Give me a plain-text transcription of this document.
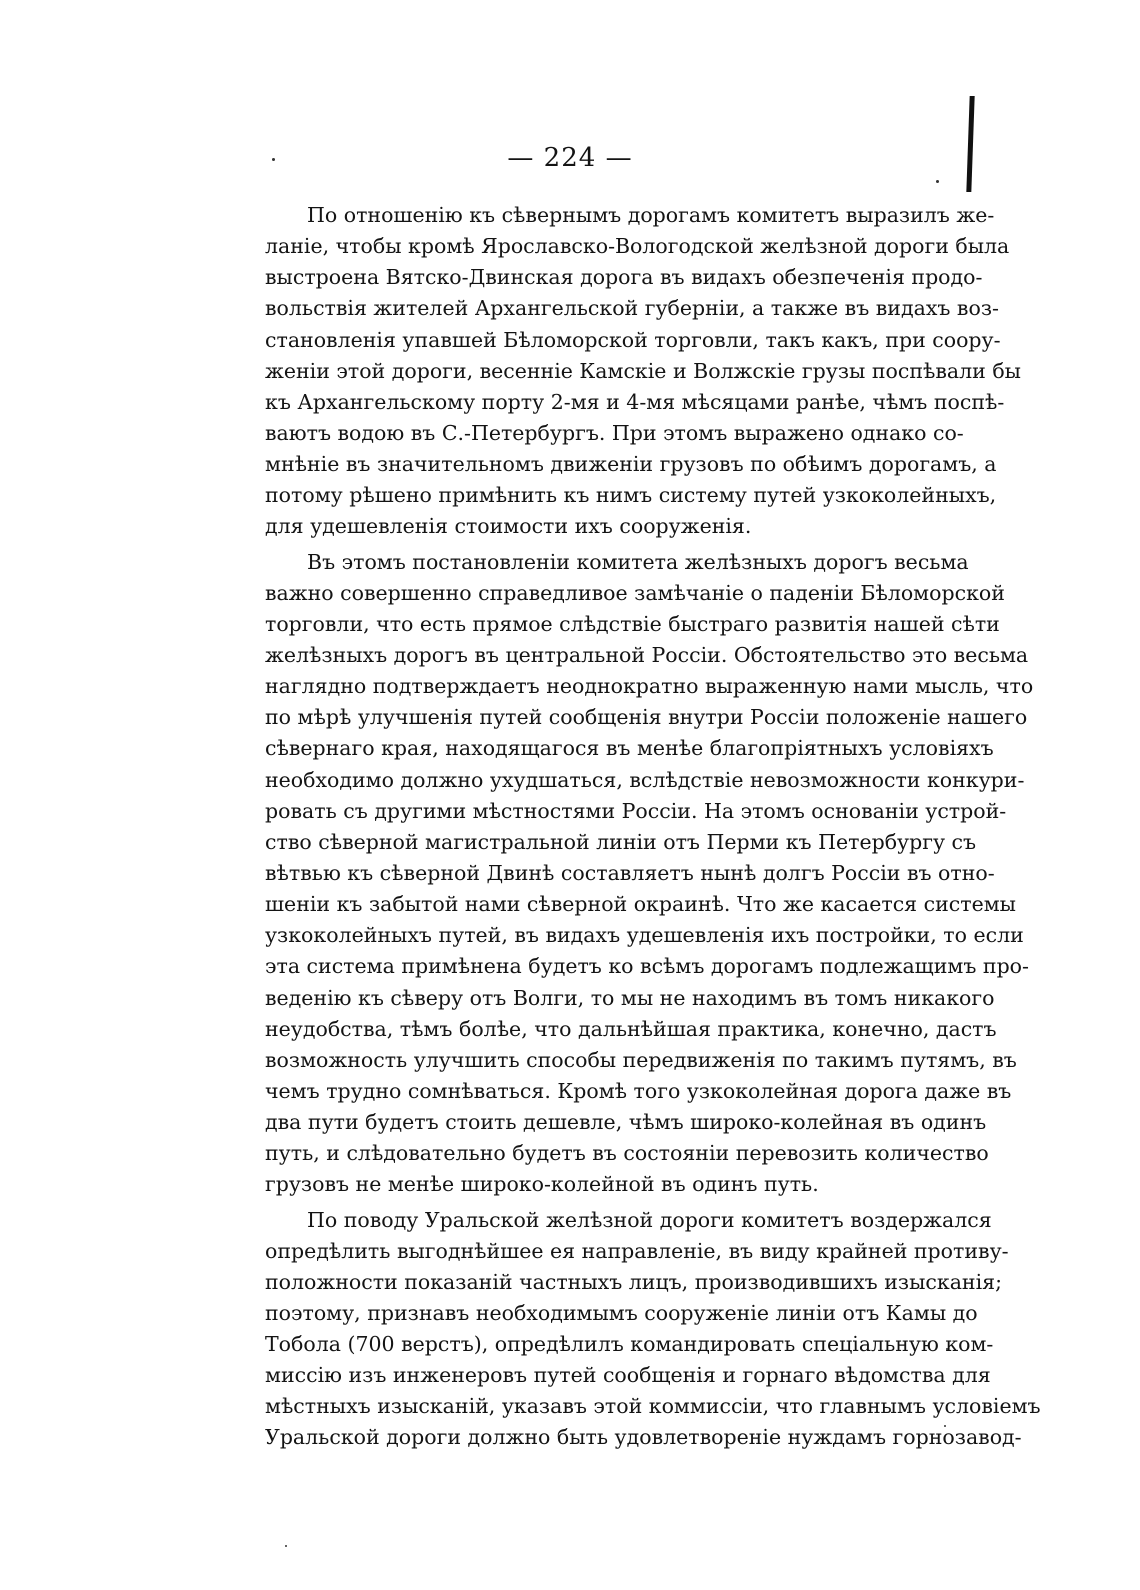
— 224 —
По отношенію къ сѣвернымъ дорогамъ комитетъ выразилъ же-
ланіе, чтобы кромѣ Ярославско-Вологодской желѣзной дороги была
выстроена Вятско-Двинская дорога въ видахъ обезпеченія продо-
вольствія жителей Архангельской губерніи, а также въ видахъ воз-
становленія упавшей Бѣломорской торговли, такъ какъ, при соору-
женіи этой дороги, весенніе Камскіе и Волжскіе грузы поспѣвали бы
къ Архангельскому порту 2-мя и 4-мя мѣсяцами ранѣе, чѣмъ поспѣ-
ваютъ водою въ С.-Петербургъ. При этомъ выражено однако со-
мнѣніе въ значительномъ движеніи грузовъ по обѣимъ дорогамъ, а
потому рѣшено примѣнить къ нимъ систему путей узкоколейныхъ,
для удешевленія стоимости ихъ сооруженія.
Въ этомъ постановленіи комитета желѣзныхъ дорогъ весьма
важно совершенно справедливое замѣчаніе о паденіи Бѣломорской
торговли, что есть прямое слѣдствіе быстраго развитія нашей сѣти
желѣзныхъ дорогъ въ центральной Россіи. Обстоятельство это весьма
наглядно подтверждаетъ неоднократно выраженную нами мысль, что
по мѣрѣ улучшенія путей сообщенія внутри Россіи положеніе нашего
сѣвернаго края, находящагося въ менѣе благопріятныхъ условіяхъ
необходимо должно ухудшаться, вслѣдствіе невозможности конкури-
ровать съ другими мѣстностями Россіи. На этомъ основаніи устрой-
ство сѣверной магистральной линіи отъ Перми къ Петербургу съ
вѣтвью къ сѣверной Двинѣ составляетъ нынѣ долгъ Россіи въ отно-
шеніи къ забытой нами сѣверной окраинѣ. Что же касается системы
узкоколейныхъ путей, въ видахъ удешевленія ихъ постройки, то если
эта система примѣнена будетъ ко всѣмъ дорогамъ подлежащимъ про-
веденію къ сѣверу отъ Волги, то мы не находимъ въ томъ никакого
неудобства, тѣмъ болѣе, что дальнѣйшая практика, конечно, дастъ
возможность улучшить способы передвиженія по такимъ путямъ, въ
чемъ трудно сомнѣваться. Кромѣ того узкоколейная дорога даже въ
два пути будетъ стоить дешевле, чѣмъ широко-колейная въ одинъ
путь, и слѣдовательно будетъ въ состояніи перевозить количество
грузовъ не менѣе широко-колейной въ одинъ путь.
По поводу Уральской желѣзной дороги комитетъ воздержался
опредѣлить выгоднѣйшее ея направленіе, въ виду крайней противу-
положности показаній частныхъ лицъ, производившихъ изысканія;
поэтому, признавъ необходимымъ сооруженіе линіи отъ Камы до
Тобола (700 верстъ), опредѣлилъ командировать спеціальную ком-
миссію изъ инженеровъ путей сообщенія и горнаго вѣдомства для
мѣстныхъ изысканій, указавъ этой коммиссіи, что главнымъ условіемъ
Уральской дороги должно быть удовлетвореніе нуждамъ горнозавод-
